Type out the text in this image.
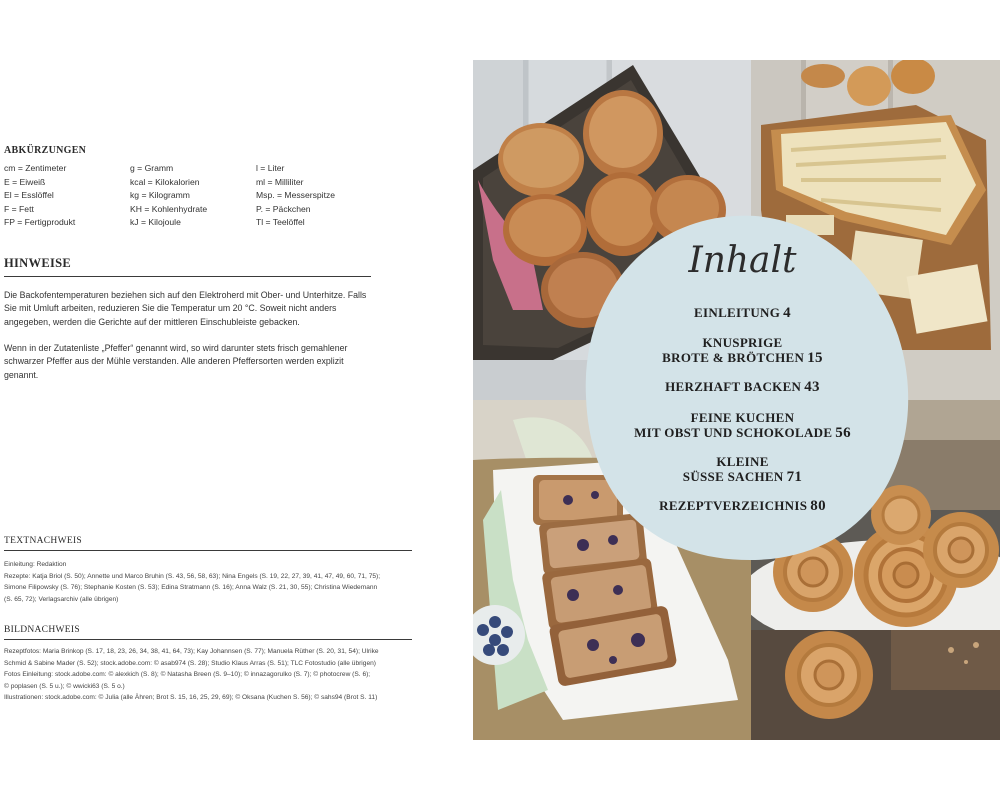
ABKÜRZUNGEN
cm = Zentimeter	g = Gramm	l = Liter
E = Eiweiß	kcal = Kilokalorien	ml = Milliliter
El = Esslöffel	kg = Kilogramm	Msp. = Messerspitze
F = Fett	KH = Kohlenhydrate	P. = Päckchen
FP = Fertigprodukt	kJ = Kilojoule	Tl = Teelöffel
HINWEISE

Die Backofentemperaturen beziehen sich auf den Elektroherd mit Ober- und Unterhitze. Falls Sie mit Umluft arbeiten, reduzieren Sie die Temperatur um 20 °C. Soweit nicht anders angegeben, werden die Gerichte auf der mittleren Einschubleiste gebacken.

Wenn in der Zutatenliste „Pfeffer“ genannt wird, so wird darunter stets frisch gemahlener schwarzer Pfeffer aus der Mühle verstanden. Alle anderen Pfeffersorten werden explizit genannt.

TEXTNACHWEIS
Einleitung: Redaktion
Rezepte: Katja Briol (S. 50); Annette und Marco Bruhin (S. 43, 56, 58, 63); Nina Engels (S. 19, 22, 27, 39, 41, 47, 49, 60, 71, 75);
Simone Filipowsky (S. 76); Stephanie Kosten (S. 53); Edina Stratmann (S. 16); Anna Walz (S. 21, 30, 55); Christina Wiedemann
(S. 65, 72); Verlagsarchiv (alle übrigen)
BILDNACHWEIS
Rezeptfotos: Maria Brinkop (S. 17, 18, 23, 26, 34, 38, 41, 64, 73); Kay Johannsen (S. 77); Manuela Rüther (S. 20, 31, 54); Ulrike
Schmid & Sabine Mader (S. 52); stock.adobe.com: © asab974 (S. 28); Studio Klaus Arras (S. 51); TLC Fotostudio (alle übrigen)
Fotos Einleitung: stock.adobe.com: © alexkich (S. 8); © Natasha Breen (S. 9–10); © innazagorulko (S. 7); © photocrew (S. 6);
© poplasen (S. 5 u.); © wwicki63 (S. 5 o.)
Illustrationen: stock.adobe.com: © Julia (alle Ähren; Brot S. 15, 16, 25, 29, 69); © Oksana (Kuchen S. 56); © sahs94 (Brot S. 11)
Inhalt
EINLEITUNG 4
KNUSPRIGE
BROTE & BRÖTCHEN 15
HERZHAFT BACKEN 43
FEINE KUCHEN
MIT OBST UND SCHOKOLADE 56
KLEINE
SÜSSE SACHEN 71
REZEPTVERZEICHNIS 80
